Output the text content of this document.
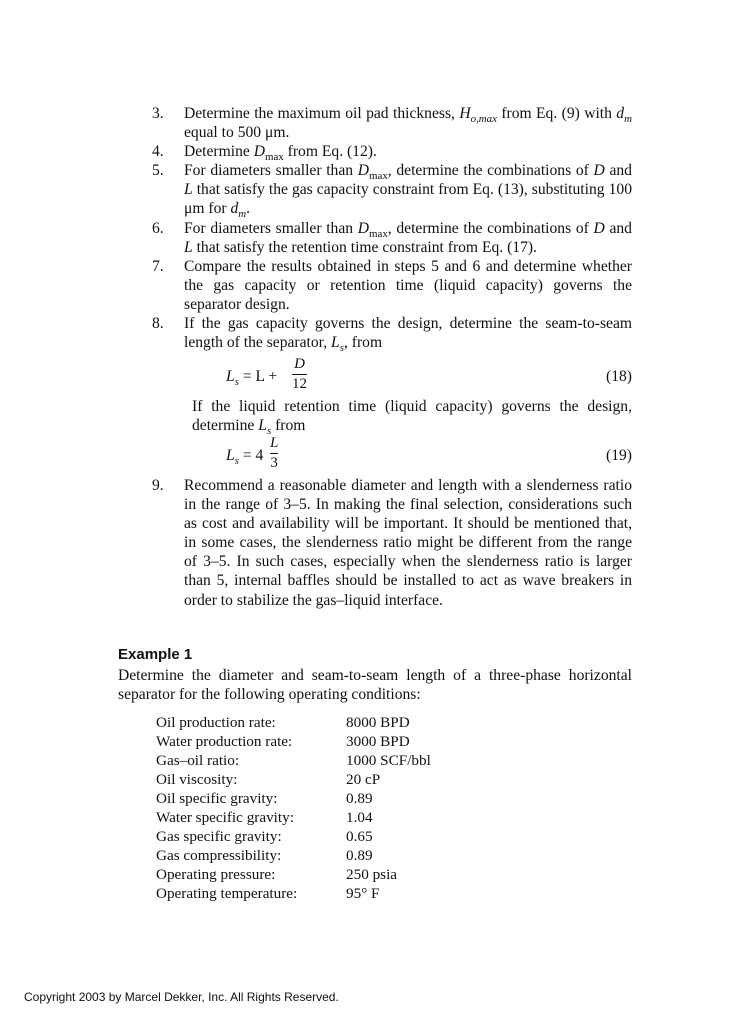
3.	Determine the maximum oil pad thickness, $H_{o,max}$ from Eq. (9) with $d_m$ equal to 500 μm.
4.	Determine $D_{max}$ from Eq. (12).
5.	For diameters smaller than $D_{max}$, determine the combinations of D and L that satisfy the gas capacity constraint from Eq. (13), substituting 100 μm for $d_m$.
6.	For diameters smaller than $D_{max}$, determine the combinations of D and L that satisfy the retention time constraint from Eq. (17).
7.	Compare the results obtained in steps 5 and 6 and determine whether the gas capacity or retention time (liquid capacity) governs the separator design.
8.	If the gas capacity governs the design, determine the seam-to-seam length of the separator, $L_s$, from
$L_s = L$ +
D
12	(18)
If the liquid retention time (liquid capacity) governs the design, determine $L_s$ from
$L_s = 4$
L
3	(19)
9.	Recommend a reasonable diameter and length with a slenderness ratio in the range of 3–5. In making the final selection, considerations such as cost and availability will be important. It should be mentioned that, in some cases, the slenderness ratio might be different from the range of 3–5. In such cases, especially when the slenderness ratio is larger than 5, internal baffles should be installed to act as wave breakers in order to stabilize the gas–liquid interface.
Example 1
Determine the diameter and seam-to-seam length of a three-phase horizontal separator for the following operating conditions:
Oil production rate:	8000 BPD
Water production rate:	3000 BPD
Gas–oil ratio:	1000 SCF/bbl
Oil viscosity:	20 cP
Oil specific gravity:	0.89
Water specific gravity:	1.04
Gas specific gravity:	0.65
Gas compressibility:	0.89
Operating pressure:	250 psia
Operating temperature:	95° F
Copyright 2003 by Marcel Dekker, Inc. All Rights Reserved.
